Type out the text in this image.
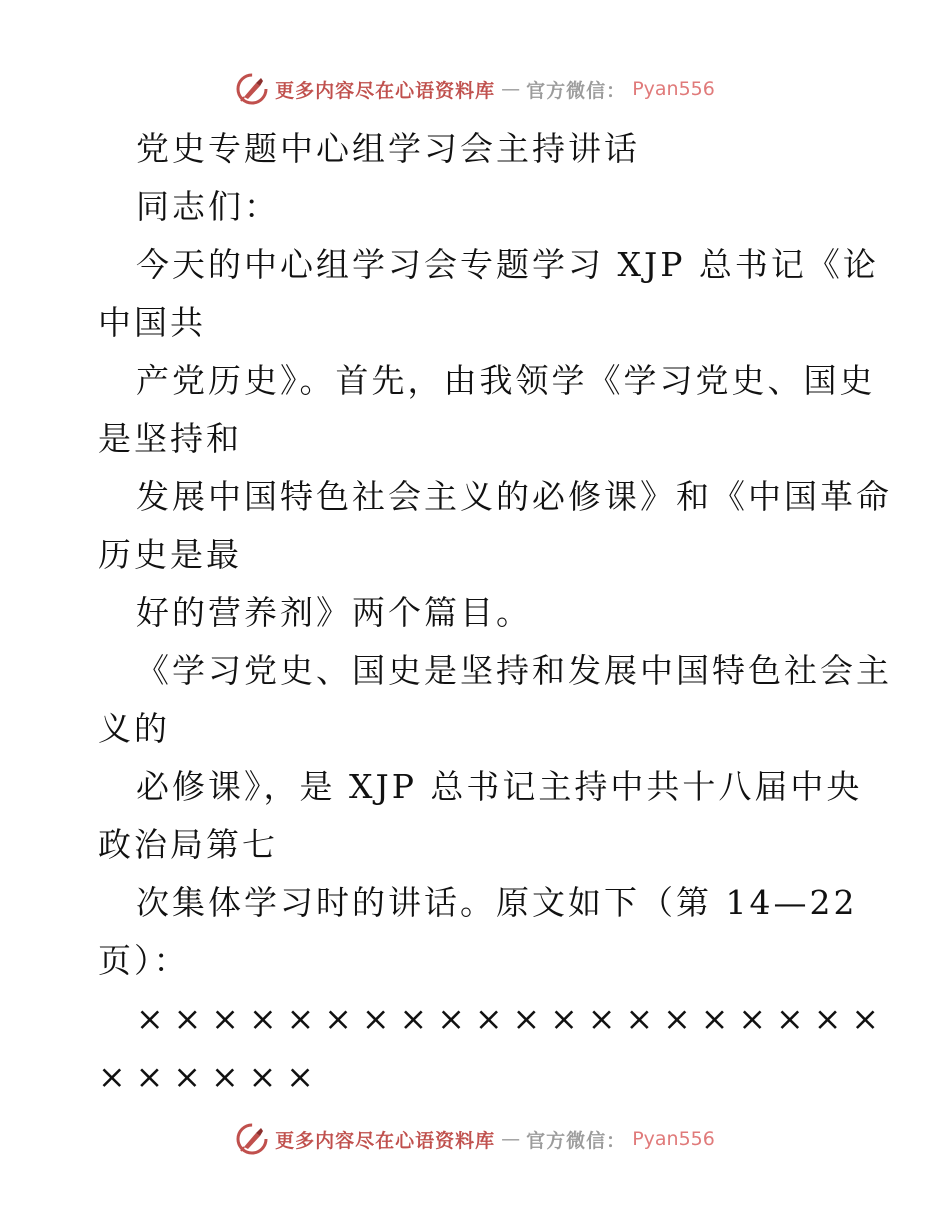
更多内容尽在心语资料库 — 官方微信： Pyan556
党史专题中心组学习会主持讲话
同志们：
今天的中心组学习会专题学习 XJP 总书记《论
中国共
产党历史》。首先，由我领学《学习党史、国史
是坚持和
发展中国特色社会主义的必修课》和《中国革命
历史是最
好的营养剂》两个篇目。
《学习党史、国史是坚持和发展中国特色社会主
义的
必修课》，是 XJP 总书记主持中共十八届中央
政治局第七
次集体学习时的讲话。原文如下（第 14—22
页）：
××××××××××××××××××××
××××××
更多内容尽在心语资料库 — 官方微信： Pyan556
